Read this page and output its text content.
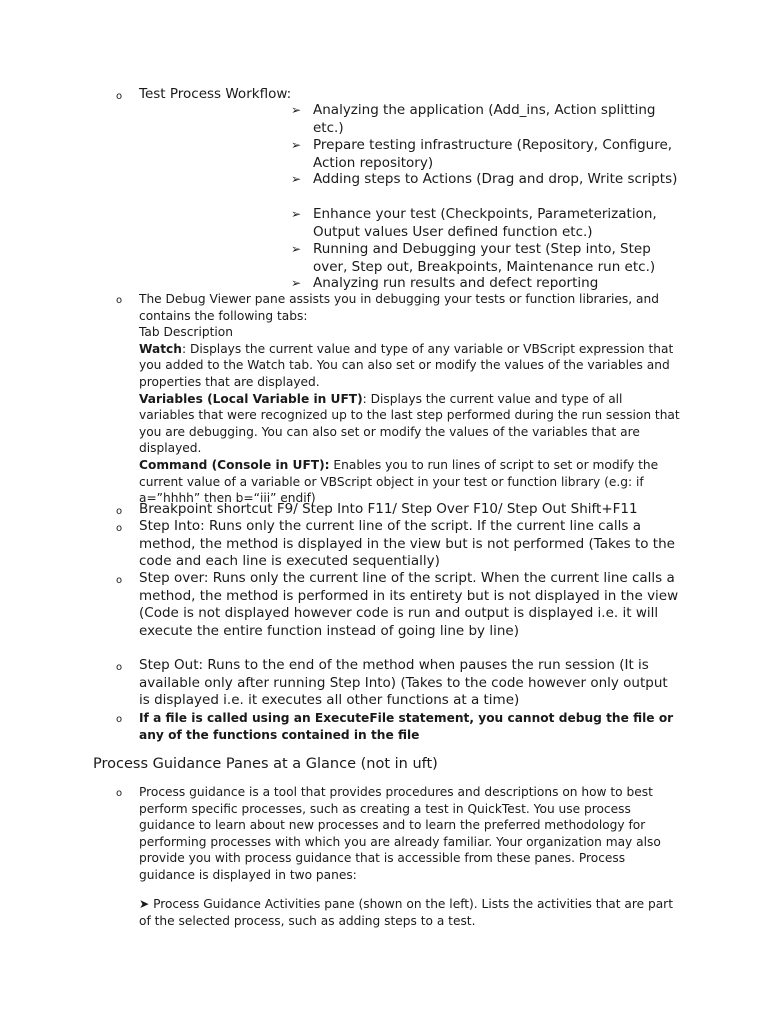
o Test Process Workflow:
➢ Analyzing the application (Add_ins, Action splitting etc.)
➢ Prepare testing infrastructure (Repository, Configure, Action repository)
➢ Adding steps to Actions (Drag and drop, Write scripts)
➢ Enhance your test (Checkpoints, Parameterization, Output values User defined function etc.)
➢ Running and Debugging your test (Step into, Step over, Step out, Breakpoints, Maintenance run etc.)
➢ Analyzing run results and defect reporting
o The Debug Viewer pane assists you in debugging your tests or function libraries, and contains the following tabs:
Tab Description
Watch: Displays the current value and type of any variable or VBScript expression that you added to the Watch tab. You can also set or modify the values of the variables and properties that are displayed.
Variables (Local Variable in UFT): Displays the current value and type of all variables that were recognized up to the last step performed during the run session that you are debugging. You can also set or modify the values of the variables that are displayed.
Command (Console in UFT): Enables you to run lines of script to set or modify the current value of a variable or VBScript object in your test or function library (e.g: if a=”hhhh” then b=“iii” endif)
o Breakpoint shortcut F9/ Step Into F11/ Step Over F10/ Step Out Shift+F11
o Step Into: Runs only the current line of the script. If the current line calls a method, the method is displayed in the view but is not performed (Takes to the code and each line is executed sequentially)
o Step over: Runs only the current line of the script. When the current line calls a method, the method is performed in its entirety but is not displayed in the view (Code is not displayed however code is run and output is displayed i.e. it will execute the entire function instead of going line by line)
o Step Out: Runs to the end of the method when pauses the run session (It is available only after running Step Into) (Takes to the code however only output is displayed i.e. it executes all other functions at a time)
o If a file is called using an ExecuteFile statement, you cannot debug the file or any of the functions contained in the file
Process Guidance Panes at a Glance (not in uft)
o Process guidance is a tool that provides procedures and descriptions on how to best perform specific processes, such as creating a test in QuickTest. You use process guidance to learn about new processes and to learn the preferred methodology for performing processes with which you are already familiar. Your organization may also provide you with process guidance that is accessible from these panes. Process guidance is displayed in two panes:
➤ Process Guidance Activities pane (shown on the left). Lists the activities that are part of the selected process, such as adding steps to a test.
